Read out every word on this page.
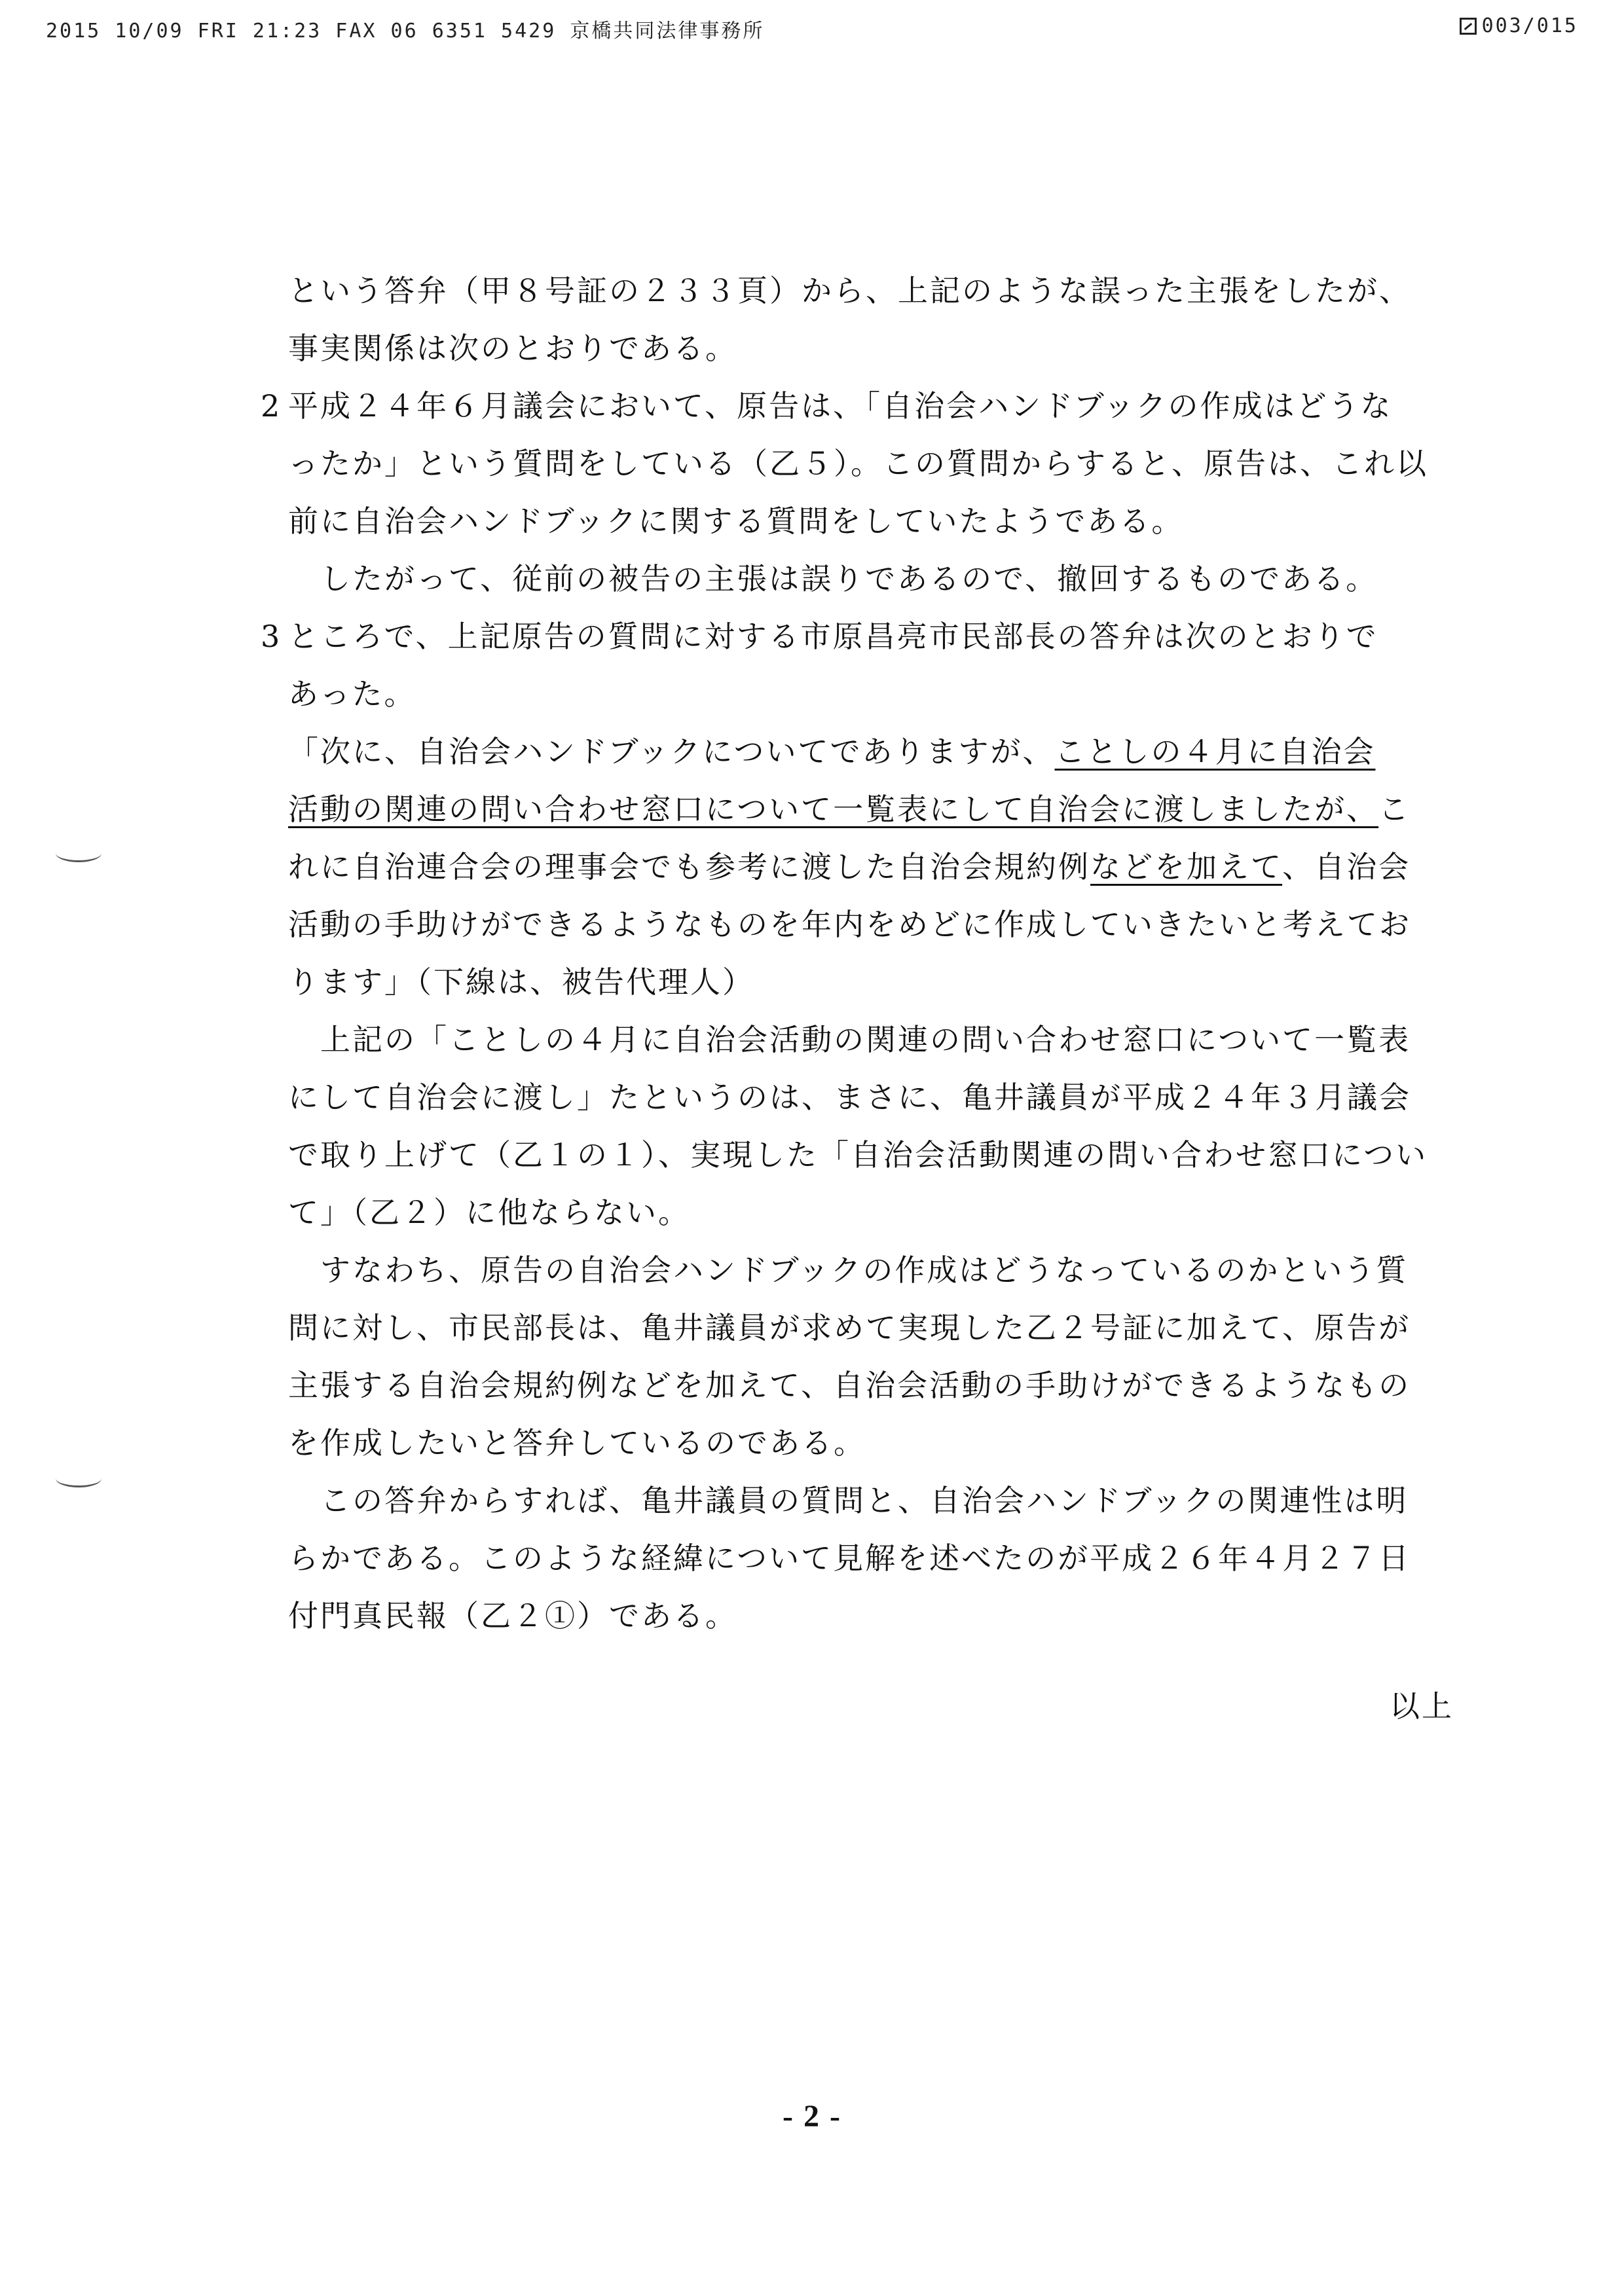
2015 10/09 FRI 21:23 FAX 06 6351 5429 京橋共同法律事務所	003/015
という答弁（甲８号証の２３３頁）から、上記のような誤った主張をしたが、
事実関係は次のとおりである。
2 平成２４年６月議会において、原告は、「自治会ハンドブックの作成はどうな
ったか」という質問をしている（乙５）。この質問からすると、原告は、これ以
前に自治会ハンドブックに関する質問をしていたようである。
　したがって、従前の被告の主張は誤りであるので、撤回するものである。
3 ところで、上記原告の質問に対する市原昌亮市民部長の答弁は次のとおりで
あった。
「次に、自治会ハンドブックについてでありますが、ことしの４月に自治会
活動の関連の問い合わせ窓口について一覧表にして自治会に渡しましたが、こ
れに自治連合会の理事会でも参考に渡した自治会規約例などを加えて、自治会
活動の手助けができるようなものを年内をめどに作成していきたいと考えてお
ります」（下線は、被告代理人）
　上記の「ことしの４月に自治会活動の関連の問い合わせ窓口について一覧表
にして自治会に渡し」たというのは、まさに、亀井議員が平成２４年３月議会
で取り上げて（乙１の１）、実現した「自治会活動関連の問い合わせ窓口につい
て」（乙２）に他ならない。
　すなわち、原告の自治会ハンドブックの作成はどうなっているのかという質
問に対し、市民部長は、亀井議員が求めて実現した乙２号証に加えて、原告が
主張する自治会規約例などを加えて、自治会活動の手助けができるようなもの
を作成したいと答弁しているのである。
　この答弁からすれば、亀井議員の質問と、自治会ハンドブックの関連性は明
らかである。このような経緯について見解を述べたのが平成２６年４月２７日
付門真民報（乙２①）である。
以上
- 2 -
